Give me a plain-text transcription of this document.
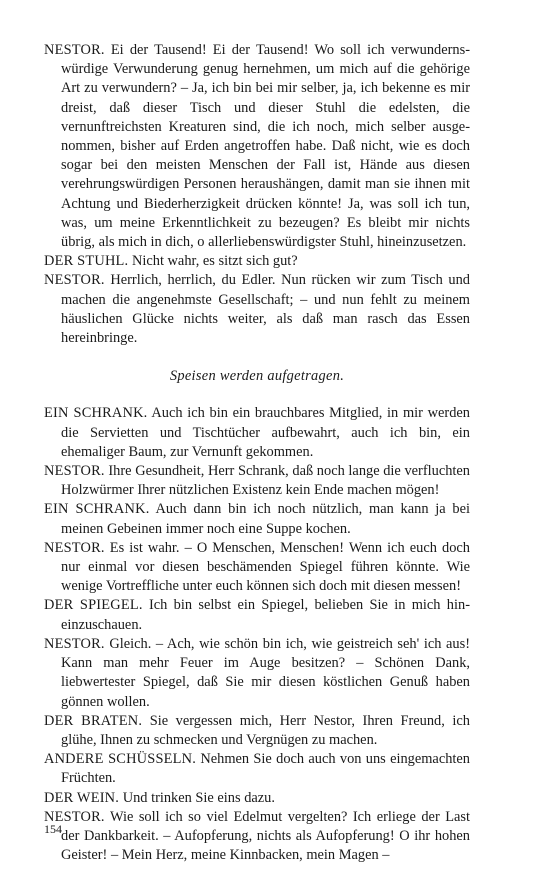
NESTOR. Ei der Tausend! Ei der Tausend! Wo soll ich verwundernswürdige Verwunderung genug hernehmen, um mich auf die gehörige Art zu verwundern? – Ja, ich bin bei mir selber, ja, ich bekenne es mir dreist, daß dieser Tisch und dieser Stuhl die edelsten, die vernunftreichsten Kreaturen sind, die ich noch, mich selber ausgenommen, bisher auf Erden angetroffen habe. Daß nicht, wie es doch sogar bei den meisten Menschen der Fall ist, Hände aus diesen verehrungswürdigen Personen heraushängen, damit man sie ihnen mit Achtung und Biederherzigkeit drücken könnte! Ja, was soll ich tun, was, um meine Erkenntlichkeit zu bezeugen? Es bleibt mir nichts übrig, als mich in dich, o allerliebenswürdigster Stuhl, hineinzusetzen.

DER STUHL. Nicht wahr, es sitzt sich gut?

NESTOR. Herrlich, herrlich, du Edler. Nun rücken wir zum Tisch und machen die angenehmste Gesellschaft; – und nun fehlt zu meinem häuslichen Glücke nichts weiter, als daß man rasch das Essen hereinbringe.

Speisen werden aufgetragen.

EIN SCHRANK. Auch ich bin ein brauchbares Mitglied, in mir werden die Servietten und Tischtücher aufbewahrt, auch ich bin, ein ehemaliger Baum, zur Vernunft gekommen.

NESTOR. Ihre Gesundheit, Herr Schrank, daß noch lange die verfluchten Holzwürmer Ihrer nützlichen Existenz kein Ende machen mögen!

EIN SCHRANK. Auch dann bin ich noch nützlich, man kann ja bei meinen Gebeinen immer noch eine Suppe kochen.

NESTOR. Es ist wahr. – O Menschen, Menschen! Wenn ich euch doch nur einmal vor diesen beschämenden Spiegel führen könnte. Wie wenige Vortreffliche unter euch können sich doch mit diesen messen!

DER SPIEGEL. Ich bin selbst ein Spiegel, belieben Sie in mich hineinzuschauen.

NESTOR. Gleich. – Ach, wie schön bin ich, wie geistreich seh' ich aus! Kann man mehr Feuer im Auge besitzen? – Schönen Dank, liebwertester Spiegel, daß Sie mir diesen köstlichen Genuß haben gönnen wollen.

DER BRATEN. Sie vergessen mich, Herr Nestor, Ihren Freund, ich glühe, Ihnen zu schmecken und Vergnügen zu machen.

ANDERE SCHÜSSELN. Nehmen Sie doch auch von uns eingemachten Früchten.

DER WEIN. Und trinken Sie eins dazu.

NESTOR. Wie soll ich so viel Edelmut vergelten? Ich erliege der Last der Dankbarkeit. – Aufopferung, nichts als Aufopferung! O ihr hohen Geister! – Mein Herz, meine Kinnbacken, mein Magen –

154
